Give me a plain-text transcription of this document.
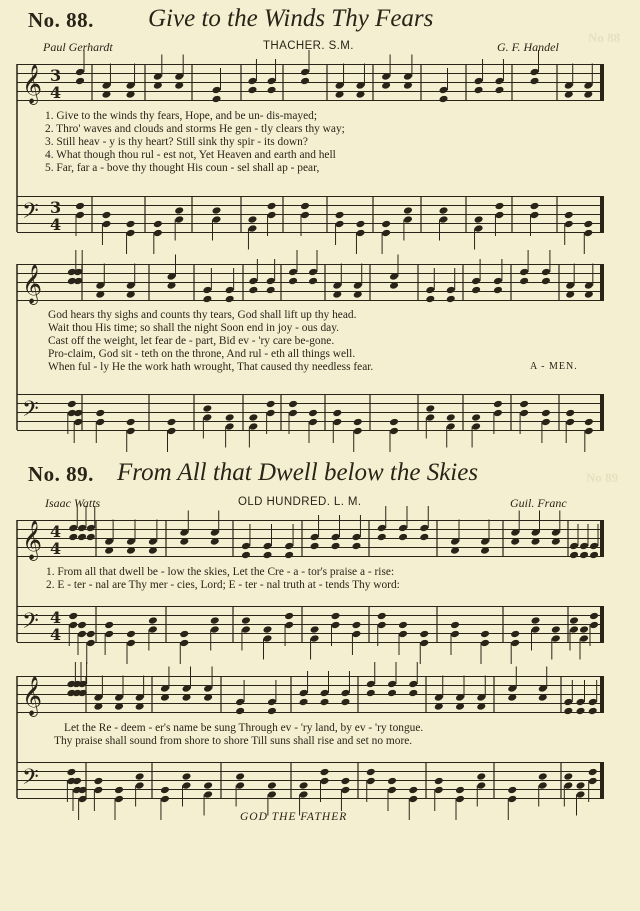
No 88
No. 88. Give to the Winds Thy Fears
Paul Gerhardt	THACHER. S.M.	G. F. Handel
1. Give to the winds thy fears, Hope, and be un- dis-mayed;
2. Thro' waves and clouds and storms He gen - tly clears thy way;
3. Still heav - y is thy heart? Still sink thy spir - its down?
4. What though thou rul - est not, Yet Heaven and earth and hell
5. Far, far a - bove thy thought His coun - sel shall ap - pear,
God hears thy sighs and counts thy tears, God shall lift up thy head.
Wait thou His time; so shall the night Soon end in joy - ous day.
Cast off the weight, let fear de - part, Bid ev - 'ry care be-gone.
Pro-claim, God sit - teth on the throne, And rul - eth all things well.
When ful - ly He the work hath wrought, That caused thy needless fear.	A - MEN.
No 89
No. 89. From All that Dwell below the Skies
Isaac Watts	OLD HUNDRED. L. M.	Guil. Franc
1. From all that dwell be - low the skies, Let the Cre - a - tor's praise a - rise:
2. E - ter - nal are Thy mer - cies, Lord; E - ter - nal truth at - tends Thy word:
Let the Re - deem - er's name be sung Through ev - 'ry land, by ev - 'ry tongue.
Thy praise shall sound from shore to shore Till suns shall rise and set no more.
GOD THE FATHER
𝄞
𝄢
3
4
3
4
𝄞
𝄢
𝄞
𝄢
4
4
4
4
𝄞
𝄢
